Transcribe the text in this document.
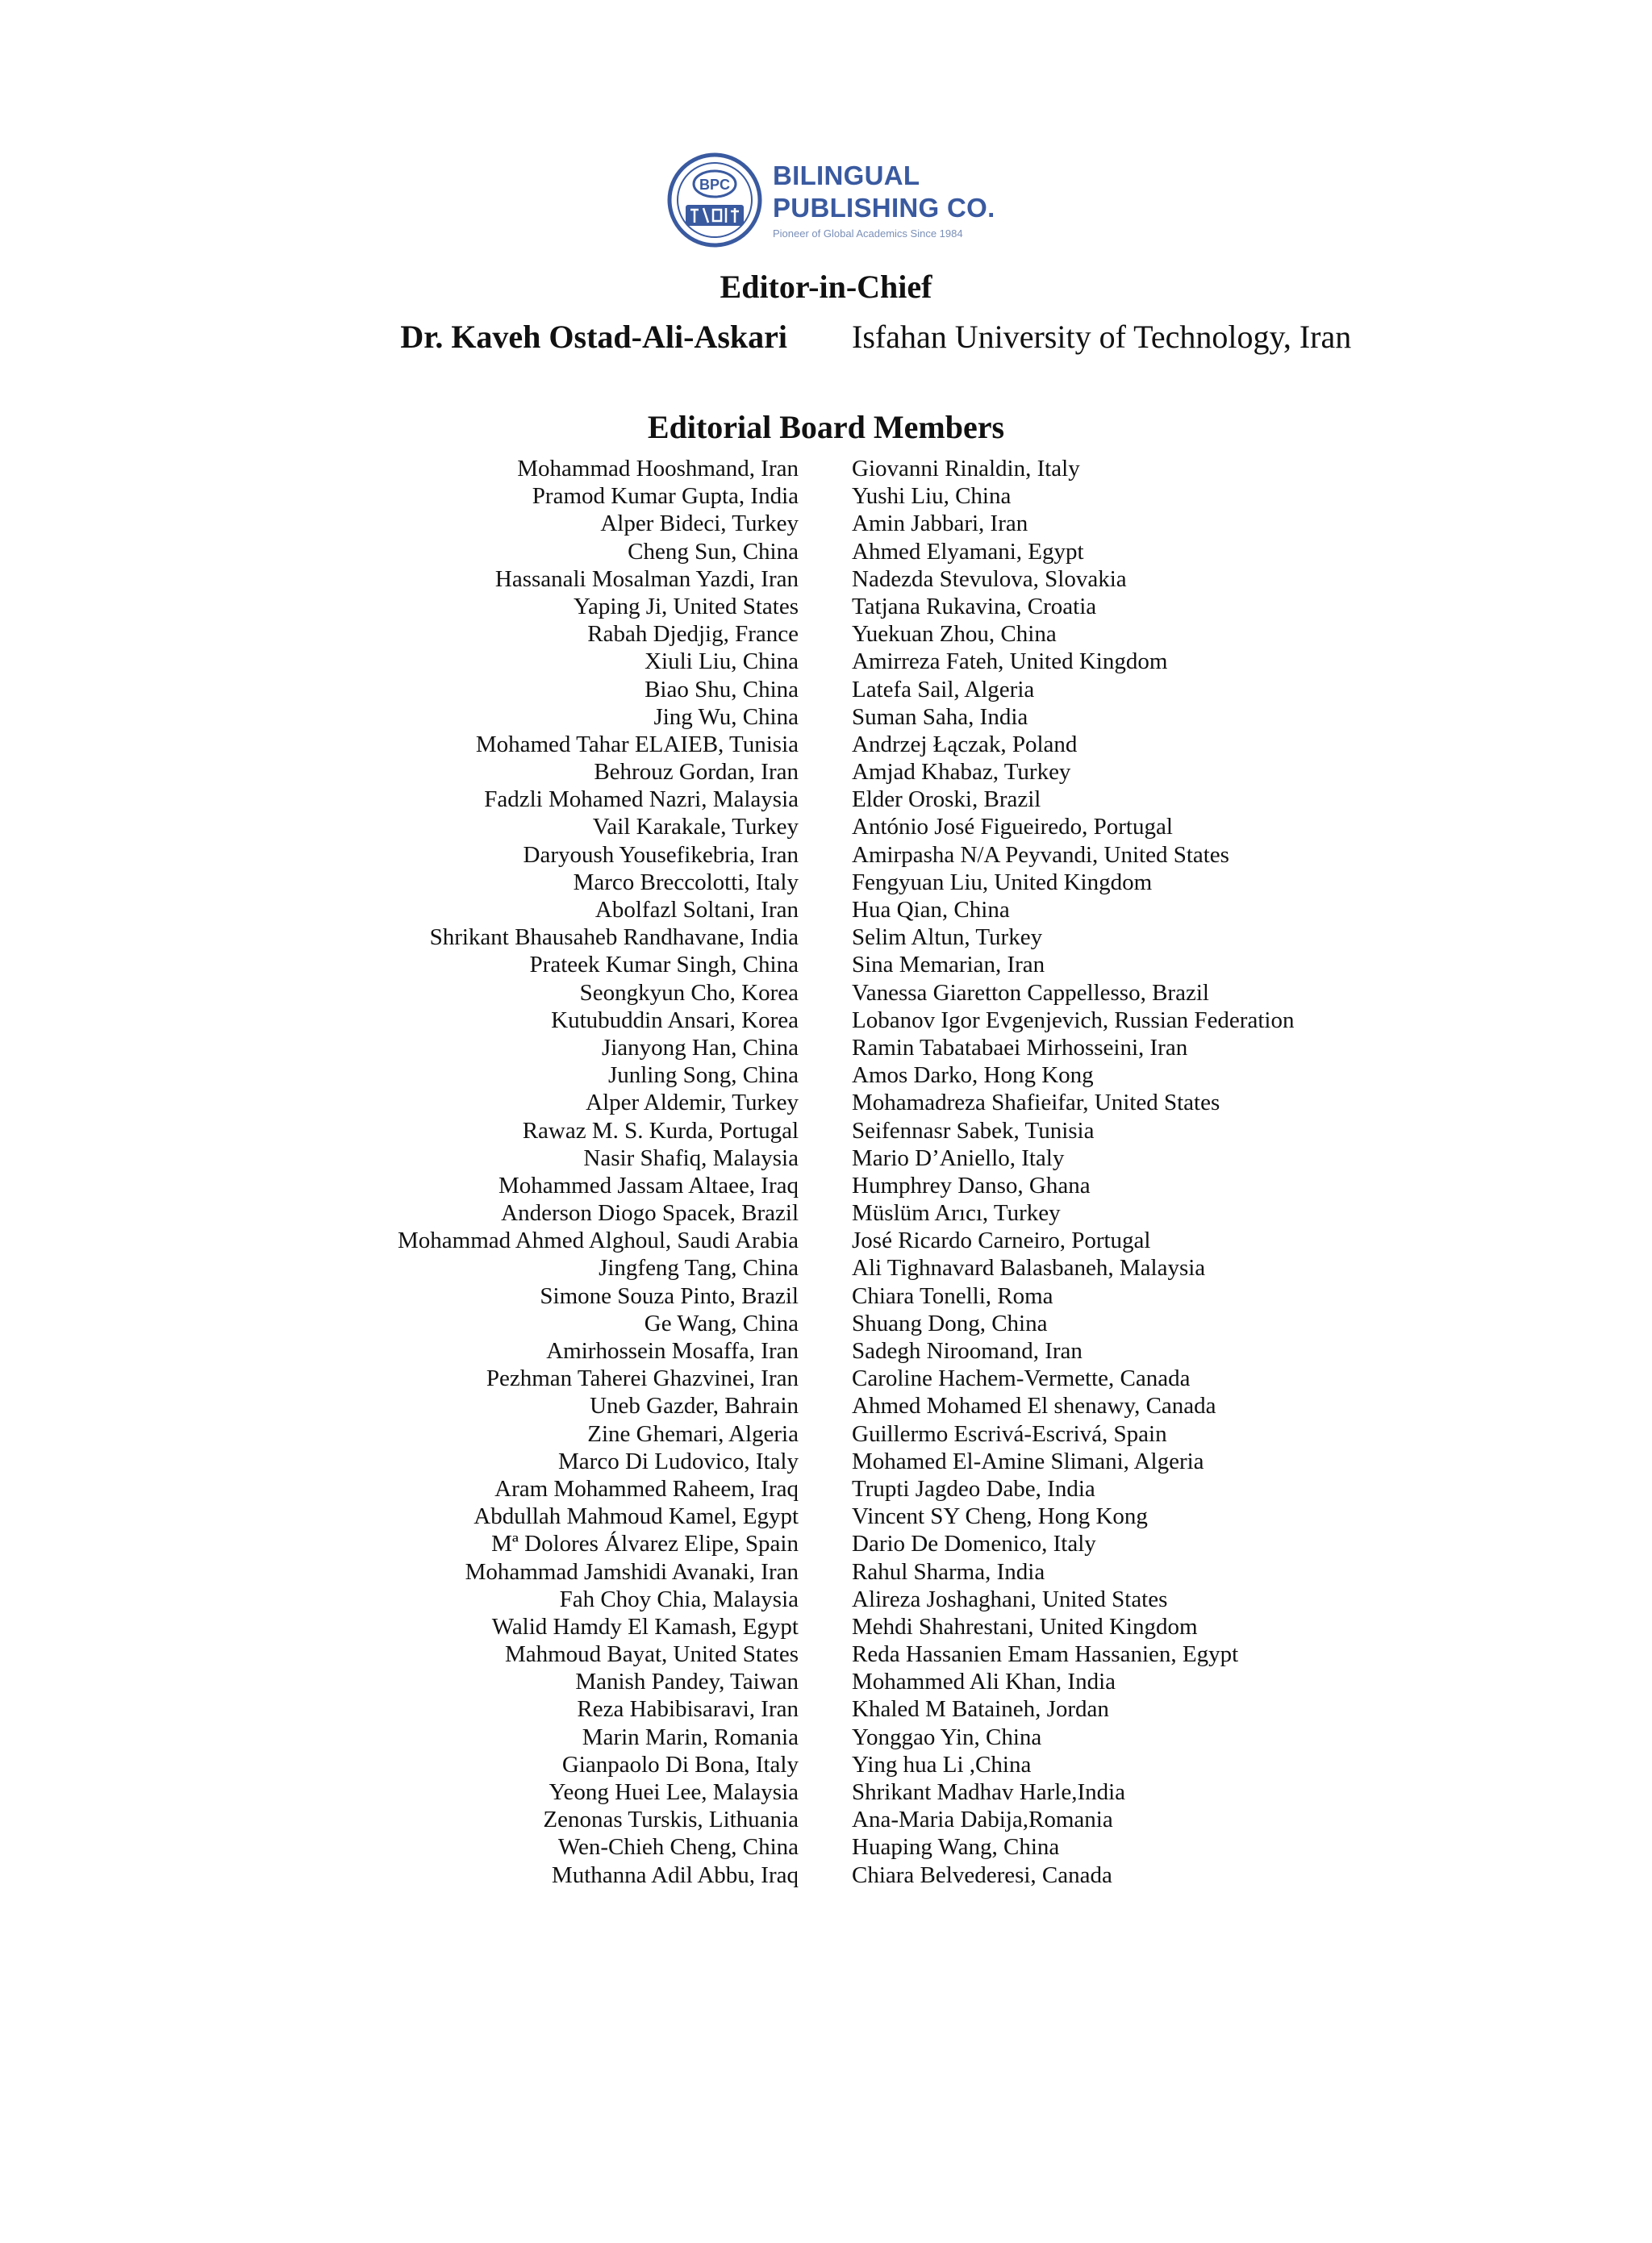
BPC BILINGUAL
PUBLISHING CO.
Pioneer of Global Academics Since 1984
Editor-in-Chief
Dr. Kaveh Ostad-Ali-Askari Isfahan University of Technology, Iran
Editorial Board Members
Mohammad Hooshmand, Iran
Pramod Kumar Gupta, India
Alper Bideci, Turkey
Cheng Sun, China
Hassanali Mosalman Yazdi, Iran
Yaping Ji, United States
Rabah Djedjig, France
Xiuli Liu, China
Biao Shu, China
Jing Wu, China
Mohamed Tahar ELAIEB, Tunisia
Behrouz Gordan, Iran
Fadzli Mohamed Nazri, Malaysia
Vail Karakale, Turkey
Daryoush Yousefikebria, Iran
Marco Breccolotti, Italy
Abolfazl Soltani, Iran
Shrikant Bhausaheb Randhavane, India
Prateek Kumar Singh, China
Seongkyun Cho, Korea
Kutubuddin Ansari, Korea
Jianyong Han, China
Junling Song, China
Alper Aldemir, Turkey
Rawaz M. S. Kurda, Portugal
Nasir Shafiq, Malaysia
Mohammed Jassam Altaee, Iraq
Anderson Diogo Spacek, Brazil
Mohammad Ahmed Alghoul, Saudi Arabia
Jingfeng Tang, China
Simone Souza Pinto, Brazil
Ge Wang, China
Amirhossein Mosaffa, Iran
Pezhman Taherei Ghazvinei, Iran
Uneb Gazder, Bahrain
Zine Ghemari, Algeria
Marco Di Ludovico, Italy
Aram Mohammed Raheem, Iraq
Abdullah Mahmoud Kamel, Egypt
Mª Dolores Álvarez Elipe, Spain
Mohammad Jamshidi Avanaki, Iran
Fah Choy Chia, Malaysia
Walid Hamdy El Kamash, Egypt
Mahmoud Bayat, United States
Manish Pandey, Taiwan
Reza Habibisaravi, Iran
Marin Marin, Romania
Gianpaolo Di Bona, Italy
Yeong Huei Lee, Malaysia
Zenonas Turskis, Lithuania
Wen-Chieh Cheng, China
Muthanna Adil Abbu, Iraq
Giovanni Rinaldin, Italy
Yushi Liu, China
Amin Jabbari, Iran
Ahmed Elyamani, Egypt
Nadezda Stevulova, Slovakia
Tatjana Rukavina, Croatia
Yuekuan Zhou, China
Amirreza Fateh, United Kingdom
Latefa Sail, Algeria
Suman Saha, India
Andrzej Łączak, Poland
Amjad Khabaz, Turkey
Elder Oroski, Brazil
António José Figueiredo, Portugal
Amirpasha N/A Peyvandi, United States
Fengyuan Liu, United Kingdom
Hua Qian, China
Selim Altun, Turkey
Sina Memarian, Iran
Vanessa Giaretton Cappellesso, Brazil
Lobanov Igor Evgenjevich, Russian Federation
Ramin Tabatabaei Mirhosseini, Iran
Amos Darko, Hong Kong
Mohamadreza Shafieifar, United States
Seifennasr Sabek, Tunisia
Mario D’Aniello, Italy
Humphrey Danso, Ghana
Müslüm Arıcı, Turkey
José Ricardo Carneiro, Portugal
Ali Tighnavard Balasbaneh, Malaysia
Chiara Tonelli, Roma
Shuang Dong, China
Sadegh Niroomand, Iran
Caroline Hachem-Vermette, Canada
Ahmed Mohamed El shenawy, Canada
Guillermo Escrivá-Escrivá, Spain
Mohamed El-Amine Slimani, Algeria
Trupti Jagdeo Dabe, India
Vincent SY Cheng, Hong Kong
Dario De Domenico, Italy
Rahul Sharma, India
Alireza Joshaghani, United States
Mehdi Shahrestani, United Kingdom
Reda Hassanien Emam Hassanien, Egypt
Mohammed Ali Khan, India
Khaled M Bataineh, Jordan
Yonggao Yin, China
Ying hua Li ,China
Shrikant Madhav Harle,India
Ana-Maria Dabija,Romania
Huaping Wang, China
Chiara Belvederesi, Canada
